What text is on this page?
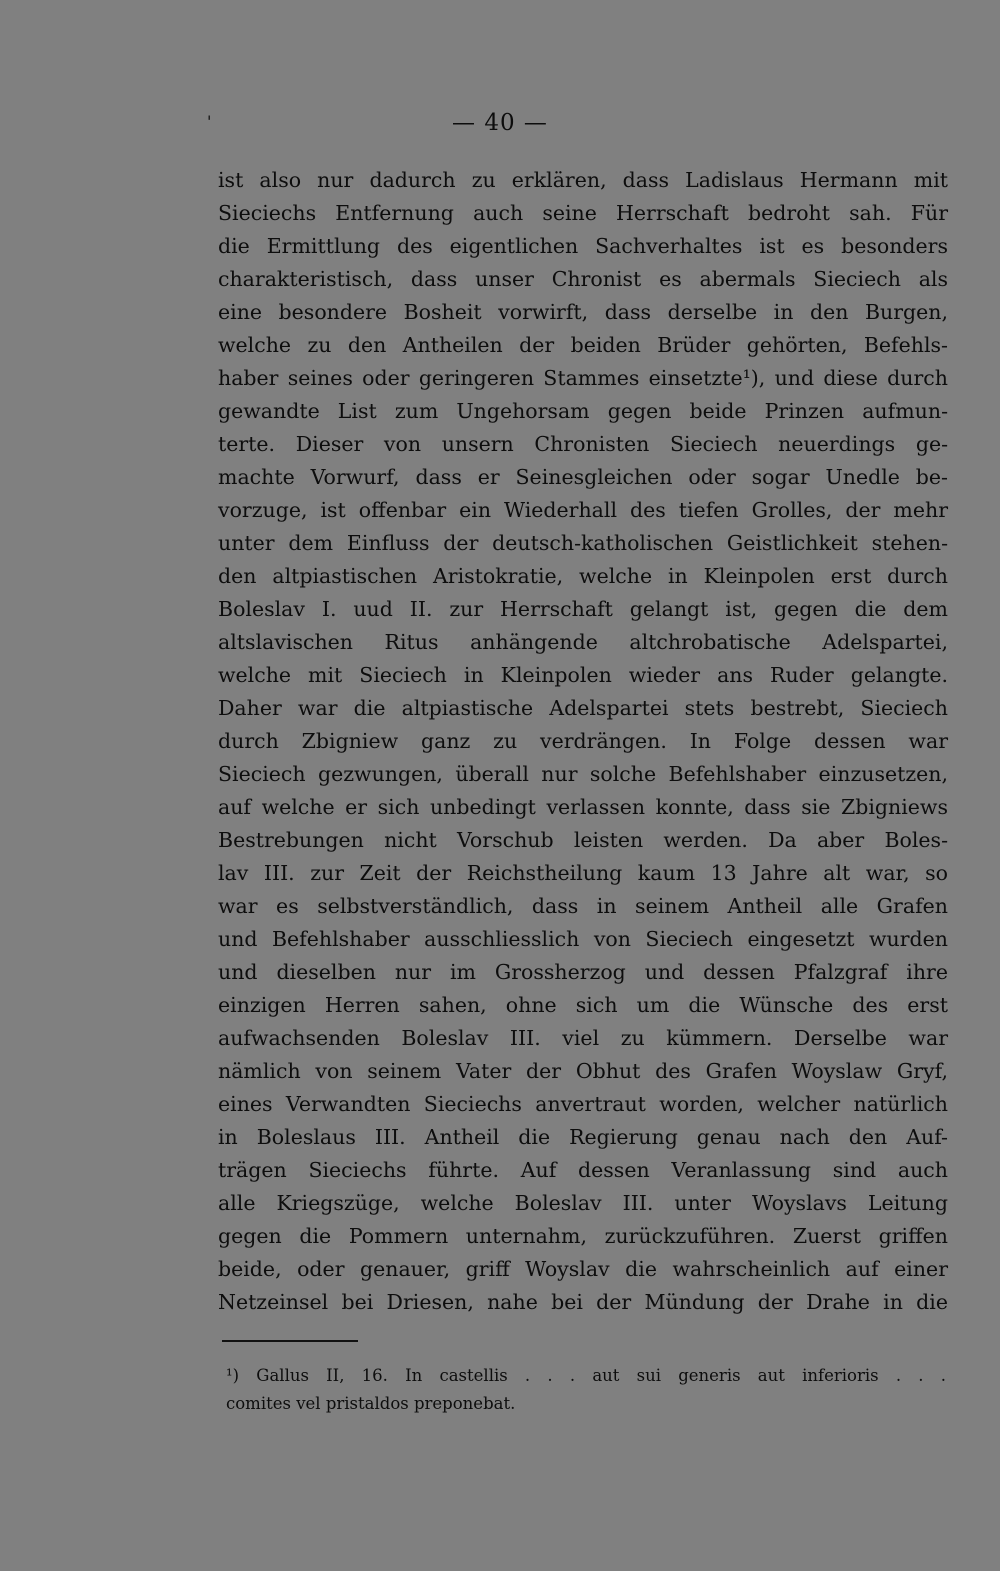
'	— 40 —
ist also nur dadurch zu erklären, dass Ladislaus Hermann mit
Sieciechs Entfernung auch seine Herrschaft bedroht sah. Für
die Ermittlung des eigentlichen Sachverhaltes ist es besonders
charakteristisch, dass unser Chronist es abermals Sieciech als
eine besondere Bosheit vorwirft, dass derselbe in den Burgen,
welche zu den Antheilen der beiden Brüder gehörten, Befehls-
haber seines oder geringeren Stammes einsetzte¹), und diese durch
gewandte List zum Ungehorsam gegen beide Prinzen aufmun-
terte. Dieser von unsern Chronisten Sieciech neuerdings ge-
machte Vorwurf, dass er Seinesgleichen oder sogar Unedle be-
vorzuge, ist offenbar ein Wiederhall des tiefen Grolles, der mehr
unter dem Einfluss der deutsch-katholischen Geistlichkeit stehen-
den altpiastischen Aristokratie, welche in Kleinpolen erst durch
Boleslav I. uud II. zur Herrschaft gelangt ist, gegen die dem
altslavischen Ritus anhängende altchrobatische Adelspartei,
welche mit Sieciech in Kleinpolen wieder ans Ruder gelangte.
Daher war die altpiastische Adelspartei stets bestrebt, Sieciech
durch Zbigniew ganz zu verdrängen. In Folge dessen war
Sieciech gezwungen, überall nur solche Befehlshaber einzusetzen,
auf welche er sich unbedingt verlassen konnte, dass sie Zbigniews
Bestrebungen nicht Vorschub leisten werden. Da aber Boles-
lav III. zur Zeit der Reichstheilung kaum 13 Jahre alt war, so
war es selbstverständlich, dass in seinem Antheil alle Grafen
und Befehlshaber ausschliesslich von Sieciech eingesetzt wurden
und dieselben nur im Grossherzog und dessen Pfalzgraf ihre
einzigen Herren sahen, ohne sich um die Wünsche des erst
aufwachsenden Boleslav III. viel zu kümmern. Derselbe war
nämlich von seinem Vater der Obhut des Grafen Woyslaw Gryf,
eines Verwandten Sieciechs anvertraut worden, welcher natürlich
in Boleslaus III. Antheil die Regierung genau nach den Auf-
trägen Sieciechs führte. Auf dessen Veranlassung sind auch
alle Kriegszüge, welche Boleslav III. unter Woyslavs Leitung
gegen die Pommern unternahm, zurückzuführen. Zuerst griffen
beide, oder genauer, griff Woyslav die wahrscheinlich auf einer
Netzeinsel bei Driesen, nahe bei der Mündung der Drahe in die
¹) Gallus II, 16. In castellis . . . aut sui generis aut inferioris . . .
comites vel pristaldos preponebat.
